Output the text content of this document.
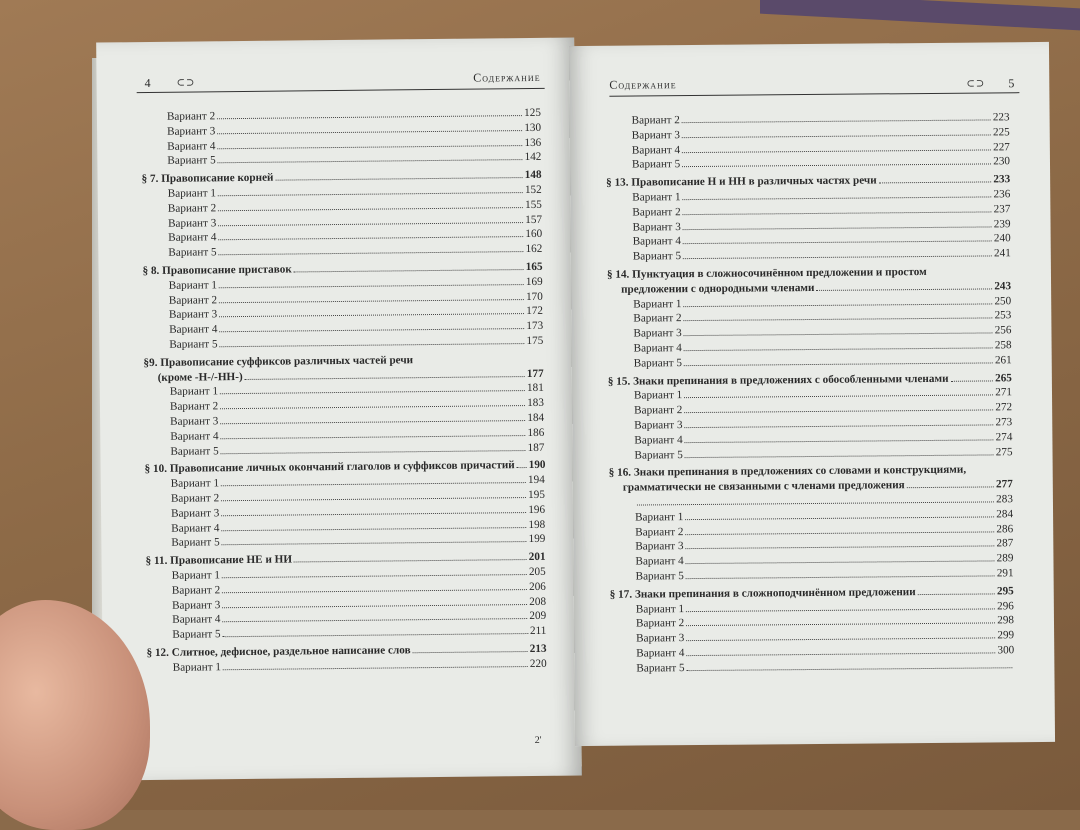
4 ⊂⊃	Содержание
Вариант 2	125
Вариант 3	130
Вариант 4	136
Вариант 5	142
§ 7. Правописание корней	148
Вариант 1	152
Вариант 2	155
Вариант 3	157
Вариант 4	160
Вариант 5	162
§ 8. Правописание приставок	165
Вариант 1	169
Вариант 2	170
Вариант 3	172
Вариант 4	173
Вариант 5	175
§9. Правописание суффиксов различных частей речи
(кроме -Н-/-НН-)	177
Вариант 1	181
Вариант 2	183
Вариант 3	184
Вариант 4	186
Вариант 5	187
§ 10. Правописание личных окончаний глаголов и суффиксов причастий 190
Вариант 1	194
Вариант 2	195
Вариант 3	196
Вариант 4	198
Вариант 5	199
§ 11. Правописание НЕ и НИ	201
Вариант 1	205
Вариант 2	206
Вариант 3	208
Вариант 4	209
Вариант 5	211
§ 12. Слитное, дефисное, раздельное написание слов	213
Вариант 1	220
2'
Содержание	⊂⊃ 5
Вариант 2	223
Вариант 3	225
Вариант 4	227
Вариант 5	230
§ 13. Правописание Н и НН в различных частях речи	233
Вариант 1	236
Вариант 2	237
Вариант 3	239
Вариант 4	240
Вариант 5	241
§ 14. Пунктуация в сложносочинённом предложении и простом
предложении с однородными членами	243
Вариант 1	250
Вариант 2	253
Вариант 3	256
Вариант 4	258
Вариант 5	261
§ 15. Знаки препинания в предложениях с обособленными членами	265
Вариант 1	271
Вариант 2	272
Вариант 3	273
Вариант 4	274
Вариант 5	275
§ 16. Знаки препинания в предложениях со словами и конструкциями,
грамматически не связанными с членами предложения	277
283
Вариант 1	284
Вариант 2	286
Вариант 3	287
Вариант 4	289
Вариант 5	291
§ 17. Знаки препинания в сложноподчинённом предложении	295
Вариант 1	296
Вариант 2	298
Вариант 3	299
Вариант 4	300
Вариант 5
